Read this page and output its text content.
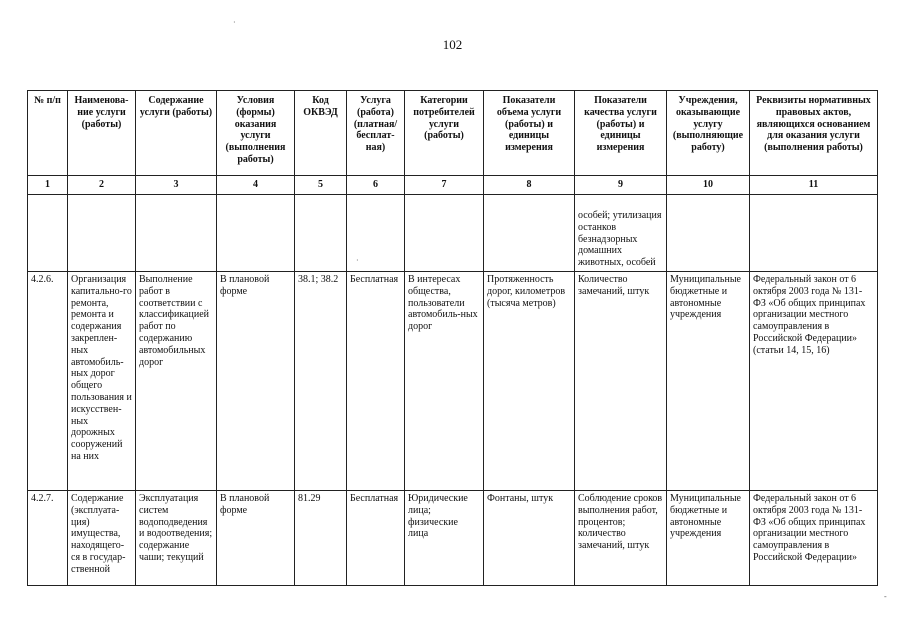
102
№ п/п	Наименова-ние услуги (работы)	Содержание услуги (работы)	Условия (формы) оказания услуги (выполнения работы)	Код ОКВЭД	Услуга (работа) (платная/ бесплат-ная)	Категории потребителей услуги (работы)	Показатели объема услуги (работы) и единицы измерения	Показатели качества услуги (работы) и единицы измерения	Учреждения, оказывающие услугу (выполняющие работу)	Реквизиты нормативных правовых актов, являющихся основанием для оказания услуги (выполнения работы)
1	2	3	4	5	6	7	8	9	10	11
								особей; утилизация останков безнадзорных домашних животных, особей		
4.2.6.	Организация капитально-го ремонта, ремонта и содержания закреплен-ных автомобиль-ных дорог общего пользования и искусствен-ных дорожных сооружений на них	Выполнение работ в соответствии с классификацией работ по содержанию автомобильных дорог	В плановой форме	38.1; 38.2	Бесплатная	В интересах общества, пользователи автомобиль-ных дорог	Протяженность дорог, километров (тысяча метров)	Количество замечаний, штук	Муниципальные бюджетные и автономные учреждения	Федеральный закон от 6 октября 2003 года № 131-ФЗ «Об общих принципах организации местного самоуправления в Российской Федерации» (статьи 14, 15, 16)
4.2.7.	Содержание (эксплуата-ция) имущества, находящего-ся в государ-ственной	Эксплуатация систем водоподведения и водоотведения; содержание чаши; текущий	В плановой форме	81.29	Бесплатная	Юридические лица; физические лица	Фонтаны, штук	Соблюдение сроков выполнения работ, процентов; количество замечаний, штук	Муниципальные бюджетные и автономные учреждения	Федеральный закон от 6 октября 2003 года № 131-ФЗ «Об общих принципах организации местного самоуправления в Российской Федерации»
·
·
-
